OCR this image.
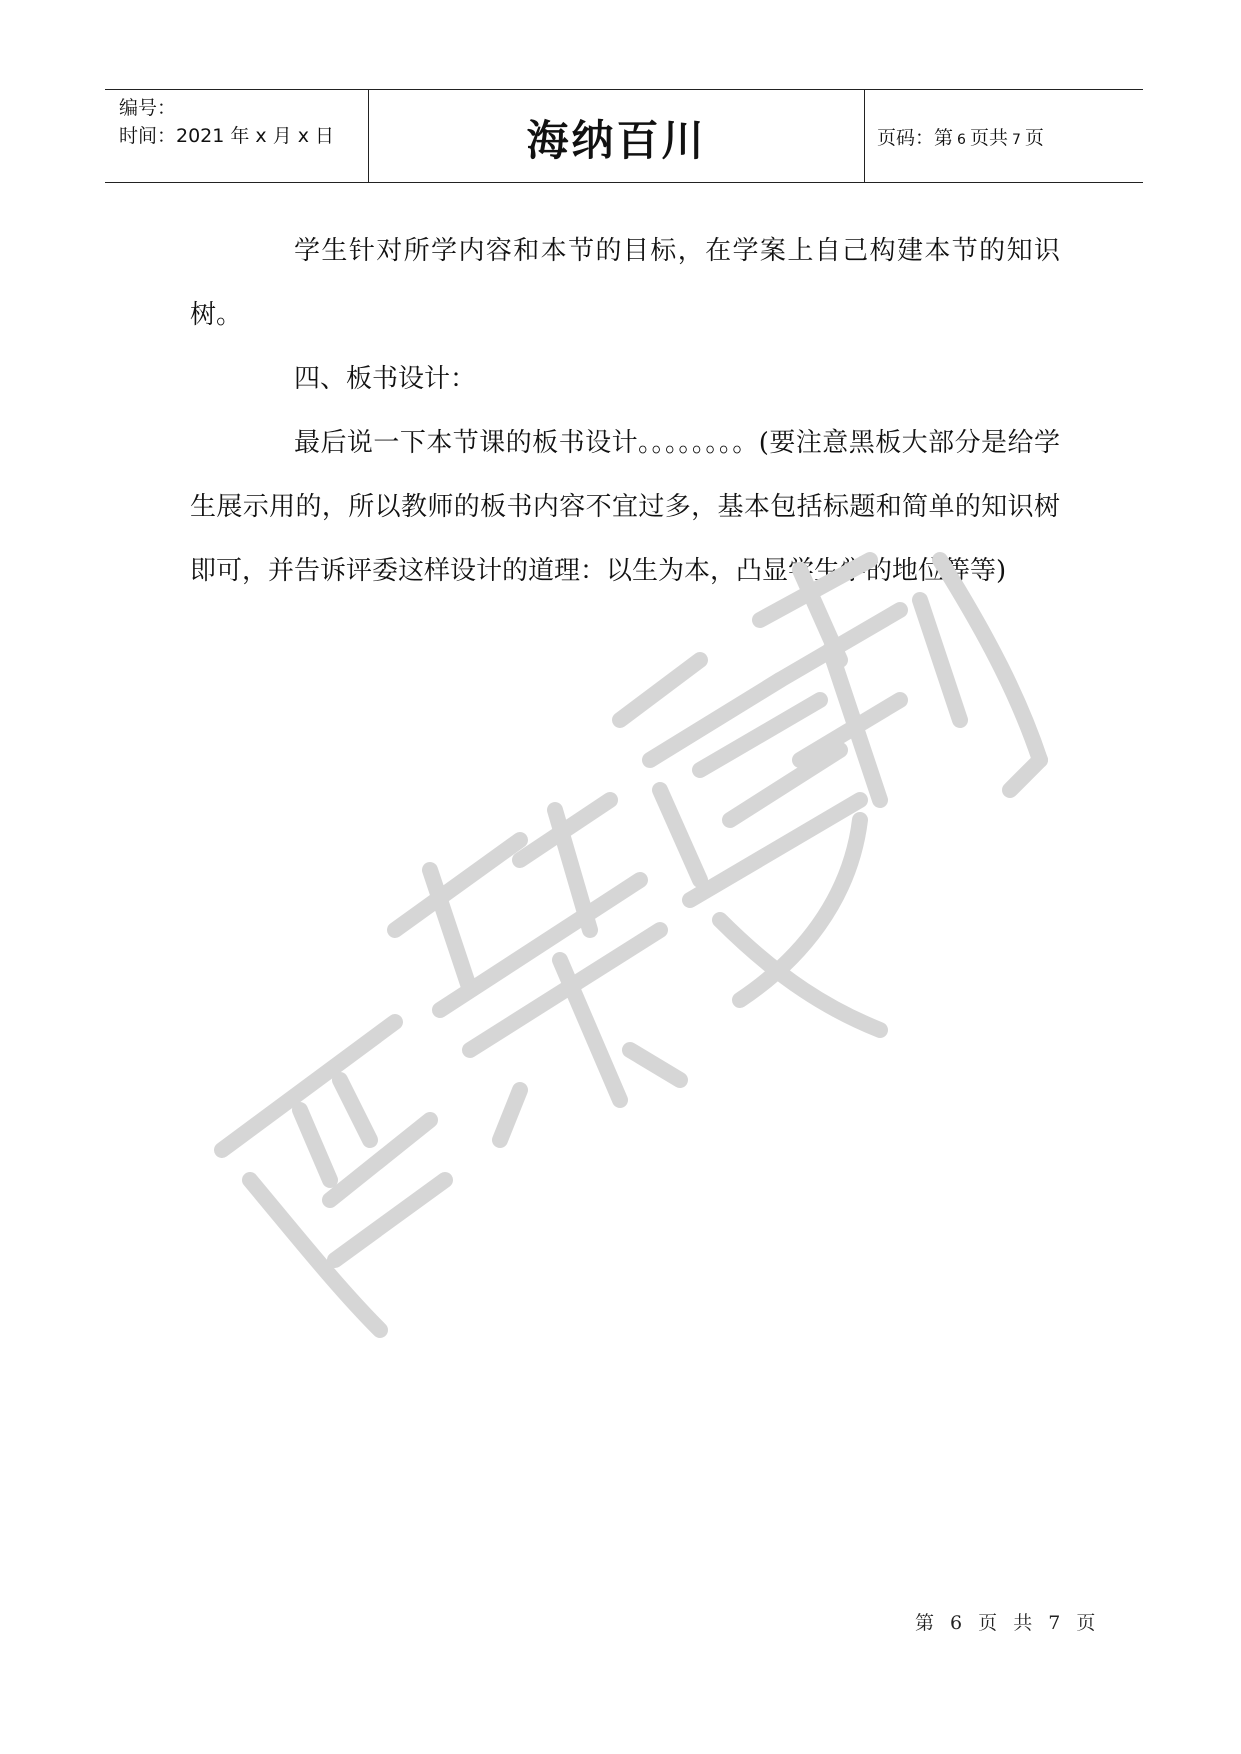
编号：
时间：2021 年 x 月 x 日	海纳百川	页码：第 6 页共 7 页

学生针对所学内容和本节的目标，在学案上自己构建本节的知识树。

四、板书设计：

最后说一下本节课的板书设计。。。。。。。。(要注意黑板大部分是给学生展示用的，所以教师的板书内容不宜过多，基本包括标题和简单的知识树即可，并告诉评委这样设计的道理：以生为本，凸显学生学的地位等等)

第 6 页 共 7 页
